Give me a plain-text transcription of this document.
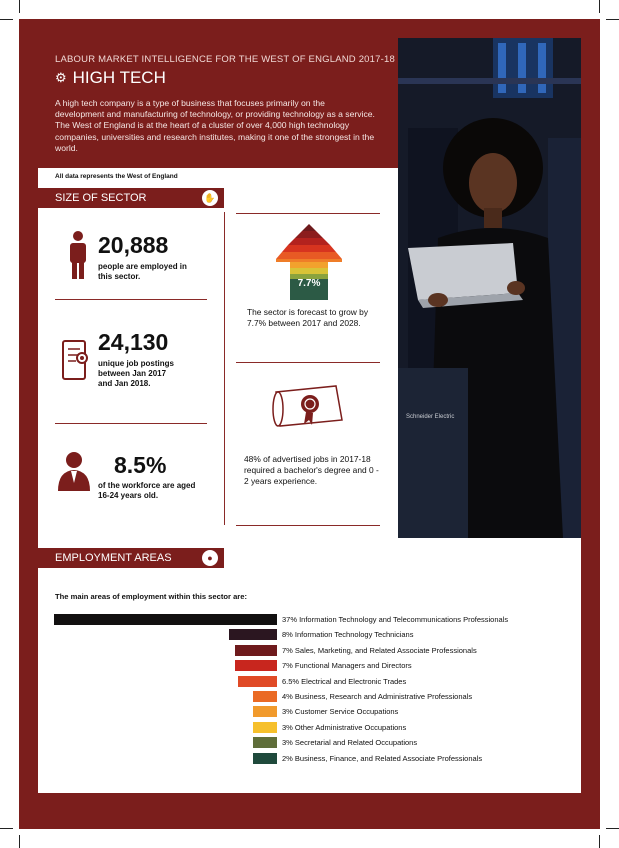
Schneider Electric
LABOUR MARKET INTELLIGENCE FOR THE WEST OF ENGLAND 2017-18
⚙ HIGH TECH
A high tech company is a type of business that focuses primarily on the development and manufacturing of technology, or providing technology as a service. The West of England is at the heart of a cluster of over 4,000 high technology companies, universities and research institutes, making it one of the strongest in the world.
All data represents the West of England
SIZE OF SECTOR	✋
20,888
people are employed in this sector.
24,130
unique job postings between Jan 2017 and Jan 2018.
8.5%
of the workforce are aged 16-24 years old.
7.7%
The sector is forecast to grow by 7.7% between 2017 and 2028.
48% of advertised jobs in 2017-18 required a bachelor's degree and 0 - 2 years experience.
EMPLOYMENT AREAS	●
The main areas of employment within this sector are:
37% Information Technology and Telecommunications Professionals
8% Information Technology Technicians
7% Sales, Marketing, and Related Associate Professionals
7% Functional Managers and Directors
6.5% Electrical and Electronic Trades
4% Business, Research and Administrative Professionals
3% Customer Service Occupations
3% Other Administrative Occupations
3% Secretarial and Related Occupations
2% Business, Finance, and Related Associate Professionals
